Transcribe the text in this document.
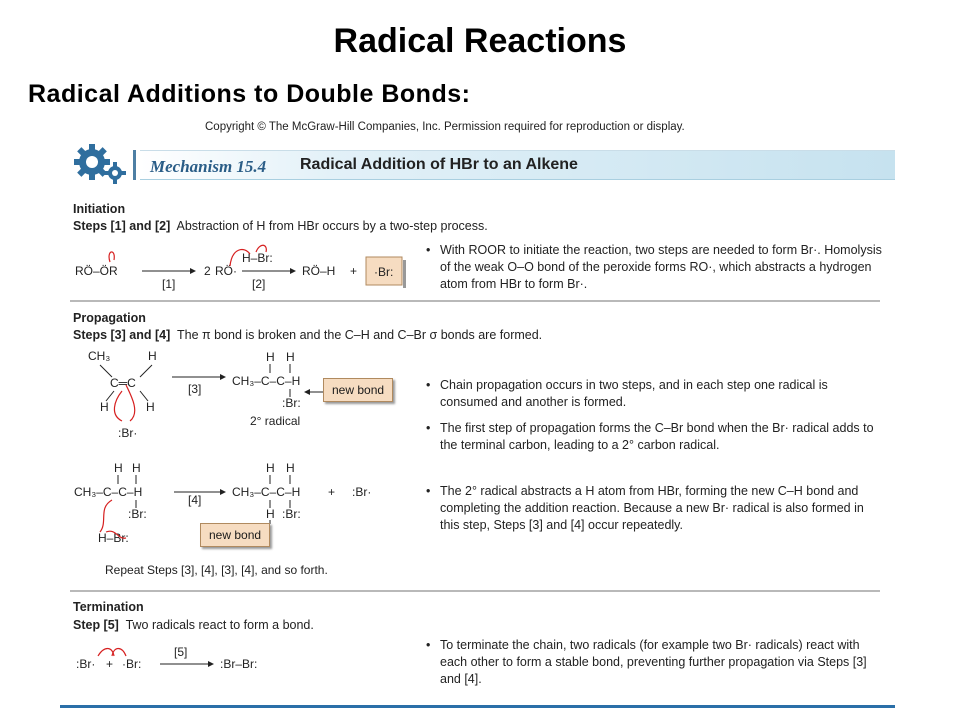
Radical Reactions
Radical Additions to Double Bonds:
Copyright © The McGraw-Hill Companies, Inc. Permission required for reproduction or display.
Mechanism 15.4 Radical Addition of HBr to an Alkene
Initiation
Steps [1] and [2] Abstraction of H from HBr occurs by a two-step process.
RÖ–ÖR
[1]
2 RÖ·
H–Br:
[2]
RÖ–H + ·Br:
• With ROOR to initiate the reaction, two steps are needed to form Br·. Homolysis of the weak O–O bond of the peroxide forms RO·, which abstracts a hydrogen atom from HBr to form Br·.
Propagation
Steps [3] and [4] The π bond is broken and the C–H and C–Br σ bonds are formed.
CH₃	H
C═C
H	H
:Br·
[3]
H H
CH₃–C–C–H
:Br:
2° radical
new bond	• Chain propagation occurs in two steps, and in each step one radical is consumed and another is formed.
• The first step of propagation forms the C–Br bond when the Br· radical adds to the terminal carbon, leading to a 2° carbon radical.
H H
CH₃–C–C–H
:Br:
H–Br:
[4]
H H
CH₃–C–C–H
H :Br:
+ :Br·
new bond
• The 2° radical abstracts a H atom from HBr, forming the new C–H bond and completing the addition reaction. Because a new Br· radical is also formed in this step, Steps [3] and [4] occur repeatedly.
Repeat Steps [3], [4], [3], [4], and so forth.
Termination
Step [5] Two radicals react to form a bond.
:Br· + ·Br:
[5]
:Br–Br:
• To terminate the chain, two radicals (for example two Br· radicals) react with each other to form a stable bond, preventing further propagation via Steps [3] and [4].
